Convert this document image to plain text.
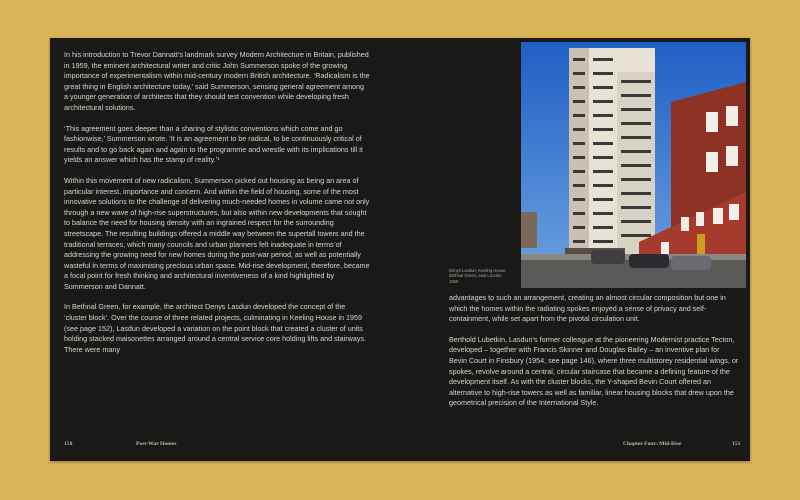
In his introduction to Trevor Dannatt’s landmark survey Modern Architecture in Britain, published in 1959, the eminent architectural writer and critic John Summerson spoke of the growing importance of experimentalism within mid-century modern British architecture. ‘Radicalism is the great thing in English architecture today,’ said Summerson, sensing general agreement among a younger generation of architects that they should test convention while developing fresh architectural solutions.

‘This agreement goes deeper than a sharing of stylistic conventions which come and go fashionwise,’ Summerson wrote. ‘It is an agreement to be radical, to be continuously critical of results and to go back again and again to the programme and wrestle with its implications till it yields an answer which has the stamp of reality.’¹

Within this movement of new radicalism, Summerson picked out housing as being an area of particular interest, importance and concern. And within the field of housing, some of the most innovative solutions to the challenge of delivering much-needed homes in volume came not only through a new wave of high-rise superstructures, but also within new developments that sought to balance the need for housing density with an ingrained respect for the surrounding streetscape. The resulting buildings offered a middle way between the supertall towers and the traditional terraces, which many councils and urban planners felt inadequate in terms of addressing the growing need for new homes during the post-war period, as well as potentially wasteful in terms of maximising precious urban space. Mid-rise development, therefore, became a focal point for fresh thinking and architectural inventiveness of a kind highlighted by Summerson and Dannatt.

In Bethnal Green, for example, the architect Denys Lasdun developed the concept of the ‘cluster block’. Over the course of three related projects, culminating in Keeling House in 1959 (see page 152), Lasdun developed a variation on the point block that created a cluster of units holding stacked maisonettes arranged around a central service core holding lifts and stairways. There were many

150	Post-War Homes
Denys Lasdun, Keeling House, Bethnal Green, east London, 1959

advantages to such an arrangement, creating an almost circular composition but one in which the homes within the radiating spokes enjoyed a sense of privacy and self-containment, while set apart from the pivotal circulation unit.

Berthold Lubetkin, Lasdun’s former colleague at the pioneering Modernist practice Tecton, developed – together with Francis Skinner and Douglas Bailey – an inventive plan for Bevin Court in Finsbury (1954, see page 146), where three multistorey residential wings, or spokes, revolve around a central, circular staircase that became a defining feature of the development itself. As with the cluster blocks, the Y-shaped Bevin Court offered an alternative to high-rise towers as well as familiar, linear housing blocks that drew upon the geometrical precision of the International Style.

Chapter Four: Mid-Rise	151
